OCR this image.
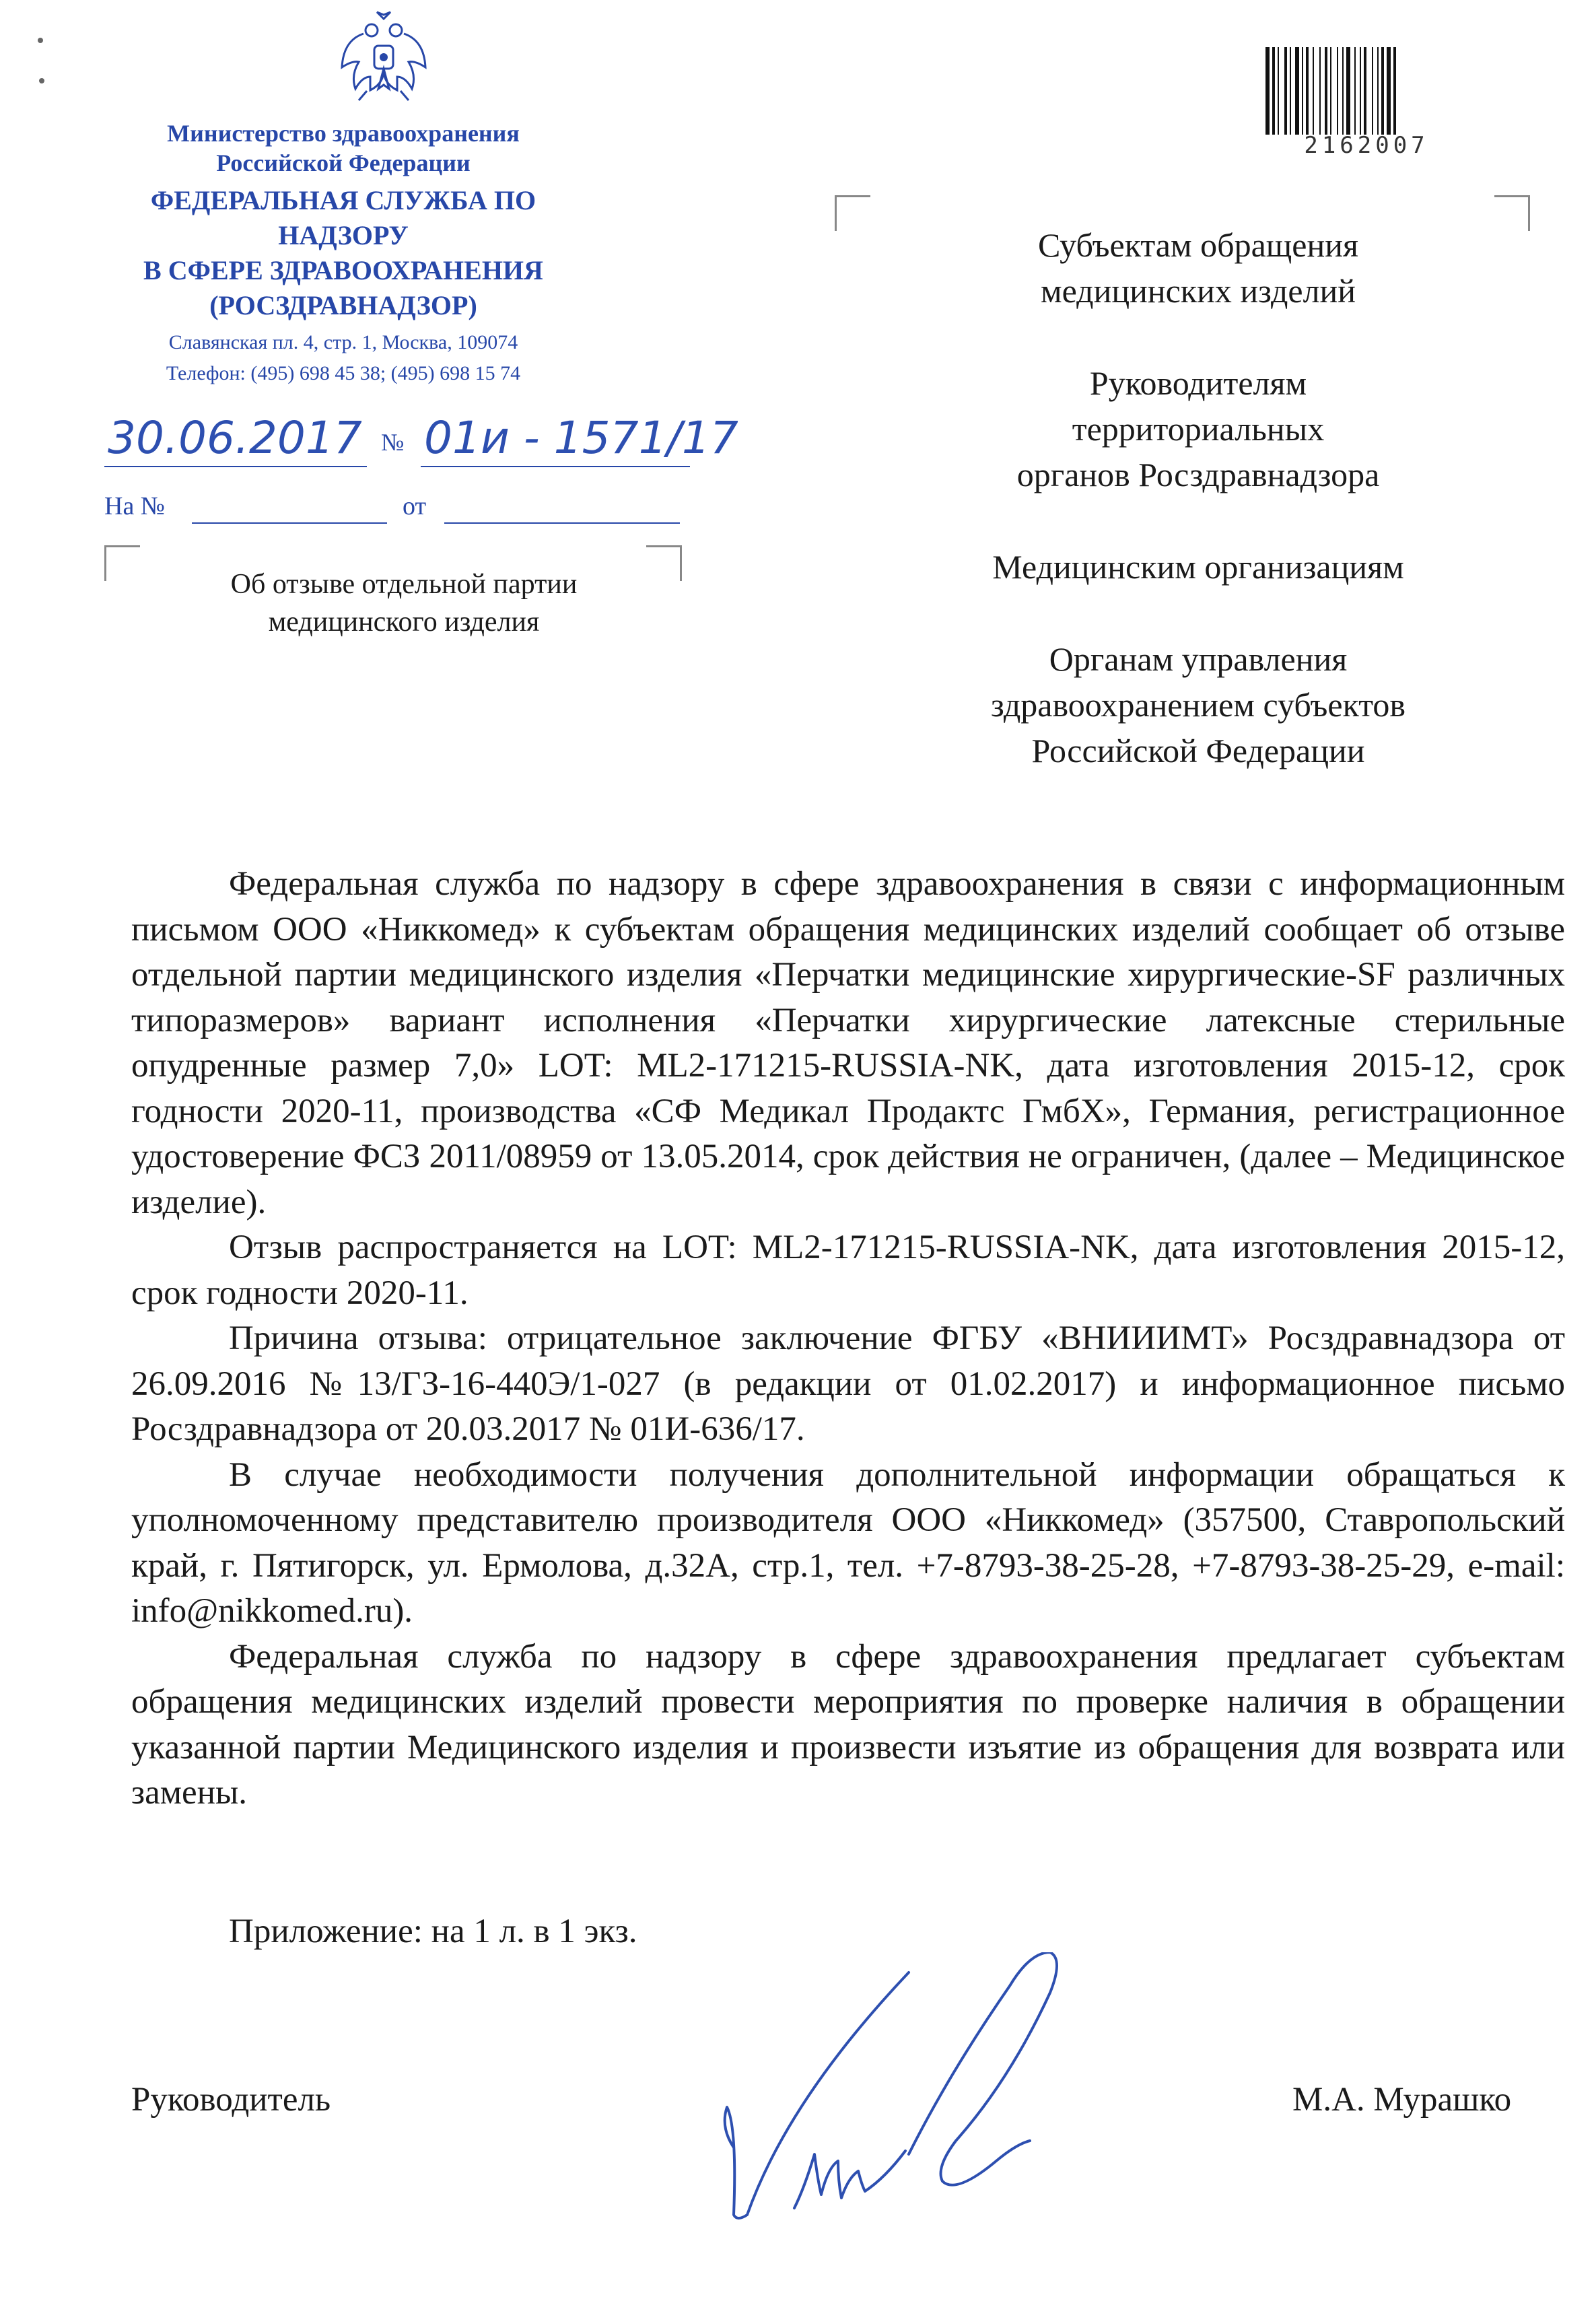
Министерство здравоохранения
Российской Федерации
ФЕДЕРАЛЬНАЯ СЛУЖБА ПО НАДЗОРУ
В СФЕРЕ ЗДРАВООХРАНЕНИЯ
(РОСЗДРАВНАДЗОР)
Славянская пл. 4, стр. 1, Москва, 109074
Телефон: (495) 698 45 38; (495) 698 15 74
30.06.2017 № 01и - 1571/17
На №	от
Об отзыве отдельной партии
медицинского изделия
2162007
Субъектам обращения
медицинских изделий
Руководителям
территориальных
органов Росздравнадзора
Медицинским организациям
Органам управления
здравоохранением субъектов
Российской Федерации

Федеральная служба по надзору в сфере здравоохранения в связи с информационным письмом ООО «Никкомед» к субъектам обращения медицинских изделий сообщает об отзыве отдельной партии медицинского изделия «Перчатки медицинские хирургические-SF различных типоразмеров» вариант исполнения «Перчатки хирургические латексные стерильные опудренные размер 7,0» LOT: ML2-171215-RUSSIA-NK, дата изготовления 2015-12, срок годности 2020-11, производства «СФ Медикал Продактс ГмбХ», Германия, регистрационное удостоверение ФСЗ 2011/08959 от 13.05.2014, срок действия не ограничен, (далее – Медицинское изделие).

Отзыв распространяется на LOT: ML2-171215-RUSSIA-NK, дата изготовления 2015-12, срок годности 2020-11.

Причина отзыва: отрицательное заключение ФГБУ «ВНИИИМТ» Росздравнадзора от 26.09.2016 №13/ГЗ-16-440Э/1-027 (в редакции от 01.02.2017) и информационное письмо Росздравнадзора от 20.03.2017 № 01И-636/17.

В случае необходимости получения дополнительной информации обращаться к уполномоченному представителю производителя ООО «Никкомед» (357500, Ставропольский край, г. Пятигорск, ул. Ермолова, д.32А, стр.1, тел. +7-8793-38-25-28, +7-8793-38-25-29, e-mail: info@nikkomed.ru).

Федеральная служба по надзору в сфере здравоохранения предлагает субъектам обращения медицинских изделий провести мероприятия по проверке наличия в обращении указанной партии Медицинского изделия и произвести изъятие из обращения для возврата или замены.

Приложение: на 1 л. в 1 экз.
Руководитель	М.А. Мурашко
